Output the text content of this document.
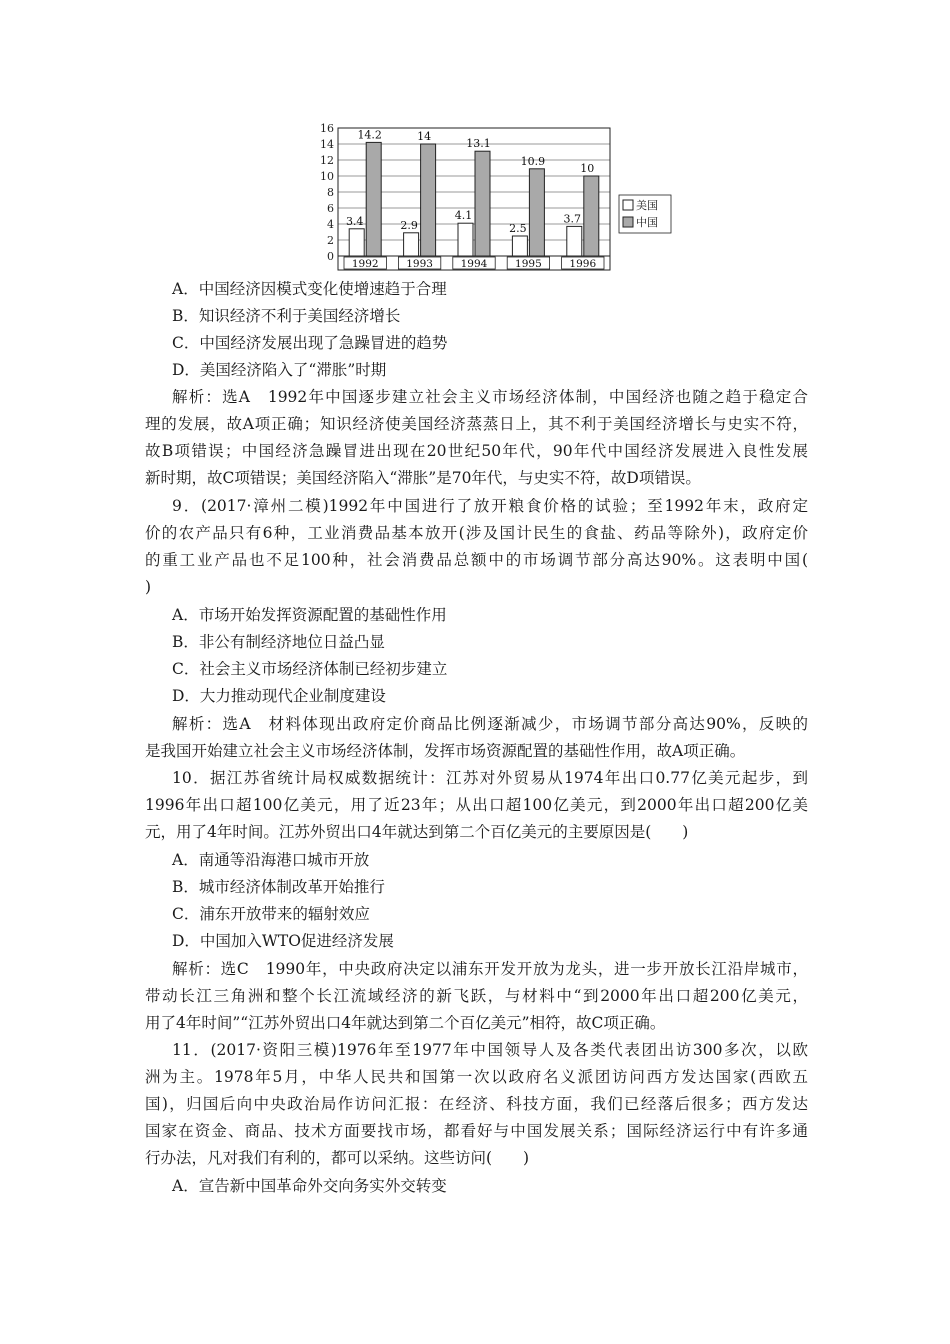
0
2
4
6
8
10
12
14
16
1992
3.4
14.2
1993
2.9
14
1994
4.1
13.1
1995
2.5
10.9
1996
3.7
10
美国
中国
A．中国经济因模式变化使增速趋于合理
B．知识经济不利于美国经济增长
C．中国经济发展出现了急躁冒进的趋势
D．美国经济陷入了“滞胀”时期
解析：选A　1992年中国逐步建立社会主义市场经济体制，中国经济也随之趋于稳定合
理的发展，故A项正确；知识经济使美国经济蒸蒸日上，其不利于美国经济增长与史实不符，
故B项错误；中国经济急躁冒进出现在20世纪50年代，90年代中国经济发展进入良性发展
新时期，故C项错误；美国经济陷入“滞胀”是70年代，与史实不符，故D项错误。
9．(2017·漳州二模)1992年中国进行了放开粮食价格的试验；至1992年末，政府定
价的农产品只有6种，工业消费品基本放开(涉及国计民生的食盐、药品等除外)，政府定价
的重工业产品也不足100种，社会消费品总额中的市场调节部分高达90%。这表明中国(
)
A．市场开始发挥资源配置的基础性作用
B．非公有制经济地位日益凸显
C．社会主义市场经济体制已经初步建立
D．大力推动现代企业制度建设
解析：选A　材料体现出政府定价商品比例逐渐减少，市场调节部分高达90%，反映的
是我国开始建立社会主义市场经济体制，发挥市场资源配置的基础性作用，故A项正确。
10．据江苏省统计局权威数据统计：江苏对外贸易从1974年出口0.77亿美元起步，到
1996年出口超100亿美元，用了近23年；从出口超100亿美元，到2000年出口超200亿美
元，用了4年时间。江苏外贸出口4年就达到第二个百亿美元的主要原因是(　　)
A．南通等沿海港口城市开放
B．城市经济体制改革开始推行
C．浦东开放带来的辐射效应
D．中国加入WTO促进经济发展
解析：选C　1990年，中央政府决定以浦东开发开放为龙头，进一步开放长江沿岸城市，
带动长江三角洲和整个长江流域经济的新飞跃，与材料中“到2000年出口超200亿美元，
用了4年时间”“江苏外贸出口4年就达到第二个百亿美元”相符，故C项正确。
11．(2017·资阳三模)1976年至1977年中国领导人及各类代表团出访300多次，以欧
洲为主。1978年5月，中华人民共和国第一次以政府名义派团访问西方发达国家(西欧五
国)，归国后向中央政治局作访问汇报：在经济、科技方面，我们已经落后很多；西方发达
国家在资金、商品、技术方面要找市场，都看好与中国发展关系；国际经济运行中有许多通
行办法，凡对我们有利的，都可以采纳。这些访问(　　)
A．宣告新中国革命外交向务实外交转变
